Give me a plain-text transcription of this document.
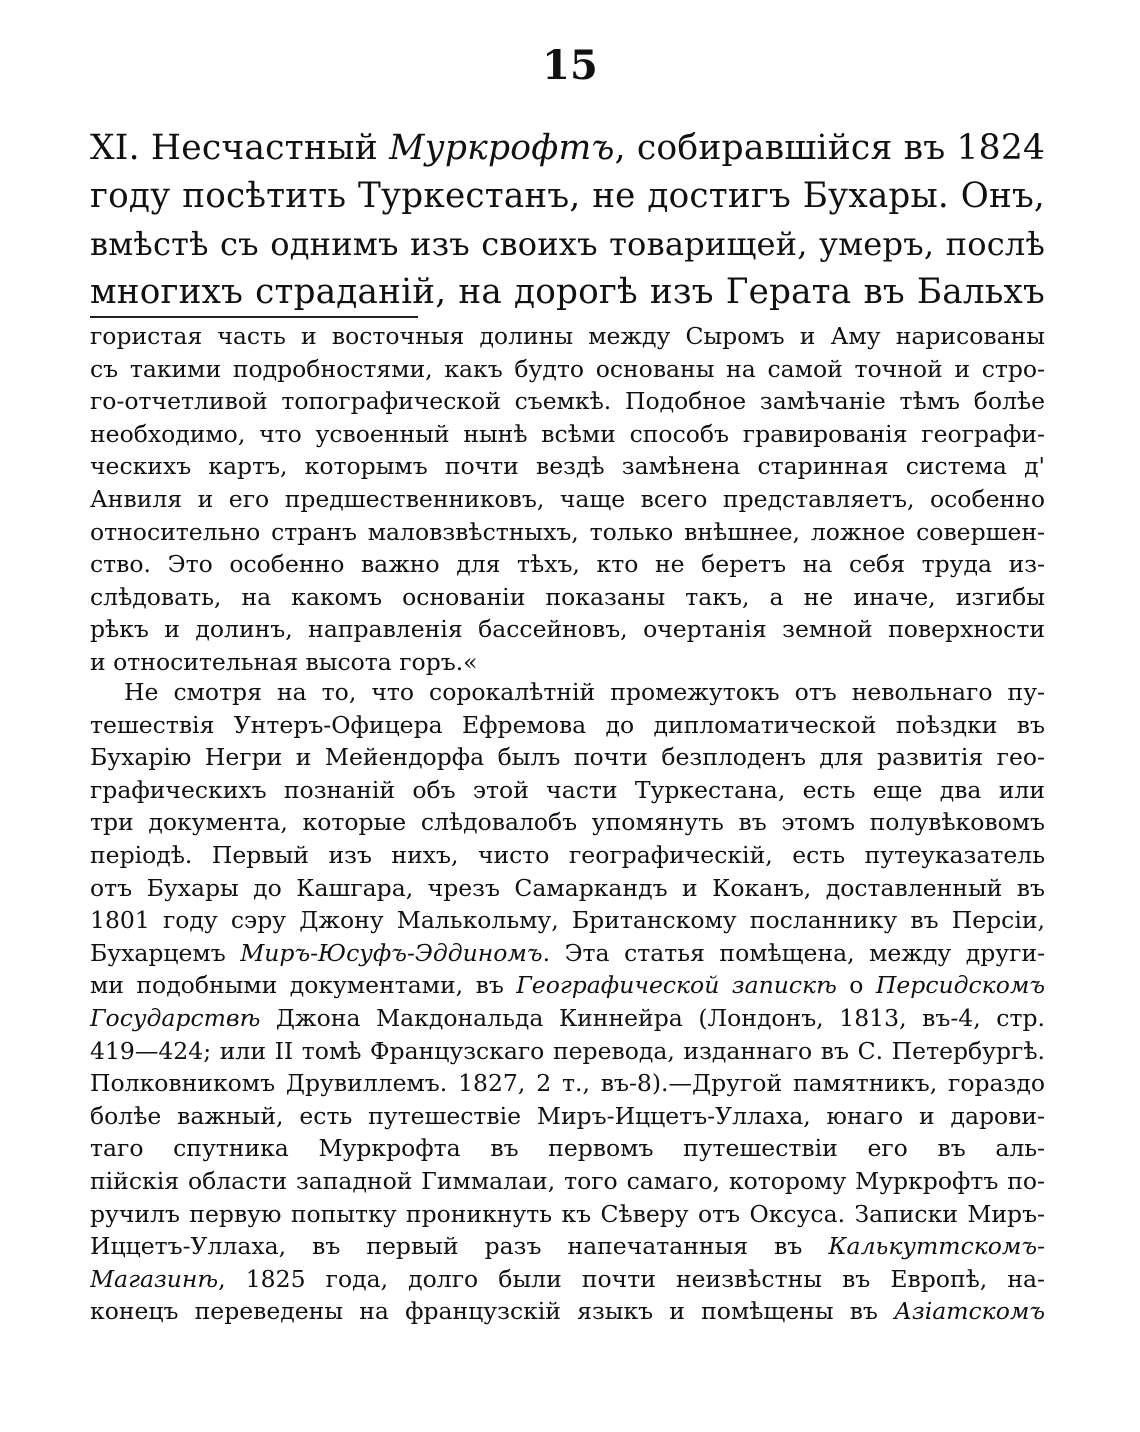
15
XI. Несчастный Муркрофтъ, собиравшійся въ 1824
году посѣтить Туркестанъ, не достигъ Бухары. Онъ,
вмѣстѣ съ однимъ изъ своихъ товарищей, умеръ, послѣ
многихъ страданій, на дорогѣ изъ Герата въ Бальхъ
гористая часть и восточныя долины между Сыромъ и Аму нарисованы
съ такими подробностями, какъ будто основаны на самой точной и стро-
го-отчетливой топографической съемкѣ. Подобное замѣчаніе тѣмъ болѣе
необходимо, что усвоенный нынѣ всѣми способъ гравированія географи-
ческихъ картъ, которымъ почти вездѣ замѣнена старинная система д'
Анвиля и его предшественниковъ, чаще всего представляетъ, особенно
относительно странъ маловзвѣстныхъ, только внѣшнее, ложное совершен-
ство. Это особенно важно для тѣхъ, кто не беретъ на себя труда из-
слѣдовать, на какомъ основаніи показаны такъ, а не иначе, изгибы
рѣкъ и долинъ, направленія бассейновъ, очертанія земной поверхности
и относительная высота горъ.«
Не смотря на то, что сорокалѣтній промежутокъ отъ невольнаго пу-
тешествія Унтеръ-Офицера Ефремова до дипломатической поѣздки въ
Бухарію Негри и Мейендорфа былъ почти безплоденъ для развитія гео-
графическихъ познаній объ этой части Туркестана, есть еще два или
три документа, которые слѣдовалобъ упомянуть въ этомъ полувѣковомъ
періодѣ. Первый изъ нихъ, чисто географическій, есть путеуказатель
отъ Бухары до Кашгара, чрезъ Самаркандъ и Коканъ, доставленный въ
1801 году сэру Джону Малькольму, Британскому посланнику въ Персіи,
Бухарцемъ Миръ-Юсуфъ-Эддиномъ. Эта статья помѣщена, между други-
ми подобными документами, въ Географической запискѣ о Персидскомъ
Государствѣ Джона Макдональда Киннейра (Лондонъ, 1813, въ-4, стр.
419—424; или II томѣ Французскаго перевода, изданнаго въ С. Петербургѣ.
Полковникомъ Друвиллемъ. 1827, 2 т., въ-8).—Другой памятникъ, гораздо
болѣе важный, есть путешествіе Миръ-Иццетъ-Уллаха, юнаго и дарови-
таго спутника Муркрофта въ первомъ путешествіи его въ аль-
пійскія области западной Гиммалаи, того самаго, которому Муркрофтъ по-
ручилъ первую попытку проникнуть къ Сѣверу отъ Оксуса. Записки Миръ-
Иццетъ-Уллаха, въ первый разъ напечатанныя въ Калькуттскомъ-
Магазинѣ, 1825 года, долго были почти неизвѣстны въ Европѣ, на-
конецъ переведены на французскій языкъ и помѣщены въ Азіатскомъ
